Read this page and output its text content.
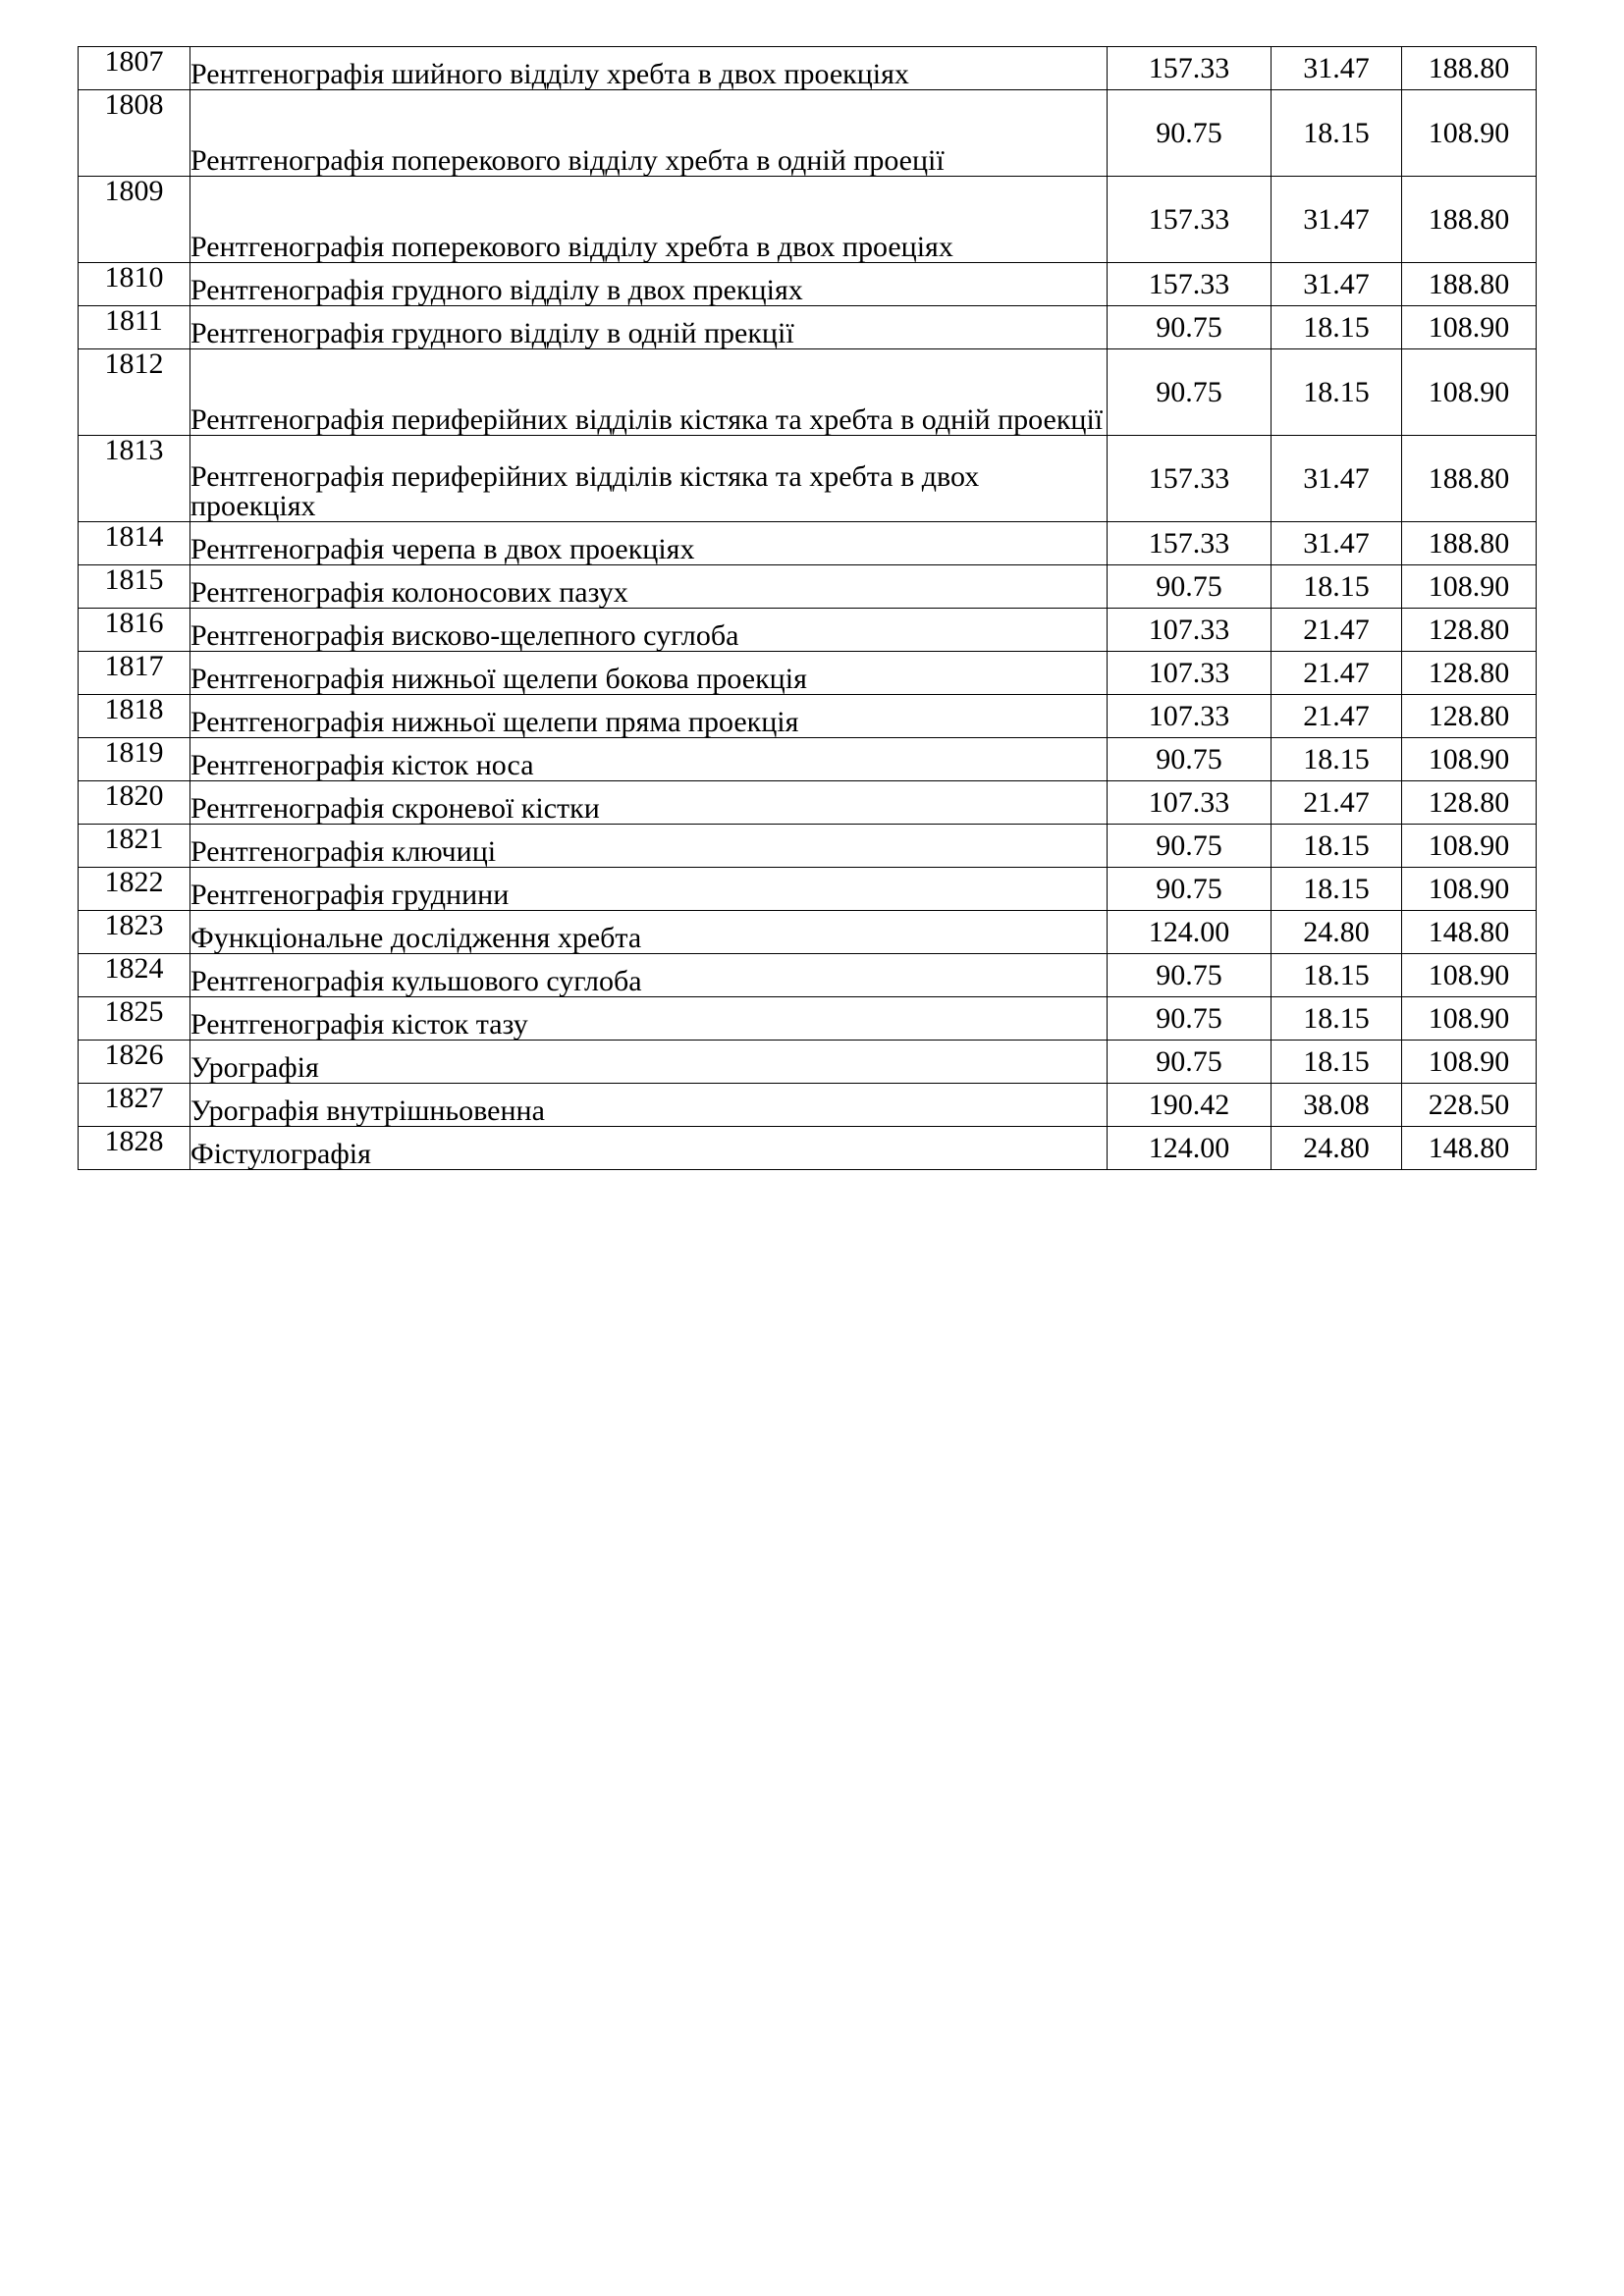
1807	Рентгенографія шийного відділу хребта в двох проекціях	157.33	31.47	188.80
1808	Рентгенографія поперекового відділу хребта в одній проеції	90.75	18.15	108.90
1809	Рентгенографія поперекового відділу хребта в двох проеціях	157.33	31.47	188.80
1810	Рентгенографія грудного відділу в двох прекціях	157.33	31.47	188.80
1811	Рентгенографія грудного відділу в одній прекції	90.75	18.15	108.90
1812	Рентгенографія периферійних відділів кістяка та хребта в одній проекції	90.75	18.15	108.90
1813	Рентгенографія периферійних відділів кістяка та хребта в двох проекціях	157.33	31.47	188.80
1814	Рентгенографія черепа в двох проекціях	157.33	31.47	188.80
1815	Рентгенографія колоносових пазух	90.75	18.15	108.90
1816	Рентгенографія висково-щелепного суглоба	107.33	21.47	128.80
1817	Рентгенографія нижньої щелепи бокова проекція	107.33	21.47	128.80
1818	Рентгенографія нижньої щелепи пряма проекція	107.33	21.47	128.80
1819	Рентгенографія кісток носа	90.75	18.15	108.90
1820	Рентгенографія скроневої кістки	107.33	21.47	128.80
1821	Рентгенографія ключиці	90.75	18.15	108.90
1822	Рентгенографія груднини	90.75	18.15	108.90
1823	Функціональне дослідження хребта	124.00	24.80	148.80
1824	Рентгенографія кульшового суглоба	90.75	18.15	108.90
1825	Рентгенографія кісток тазу	90.75	18.15	108.90
1826	Урографія	90.75	18.15	108.90
1827	Урографія внутрішньовенна	190.42	38.08	228.50
1828	Фістулографія	124.00	24.80	148.80
